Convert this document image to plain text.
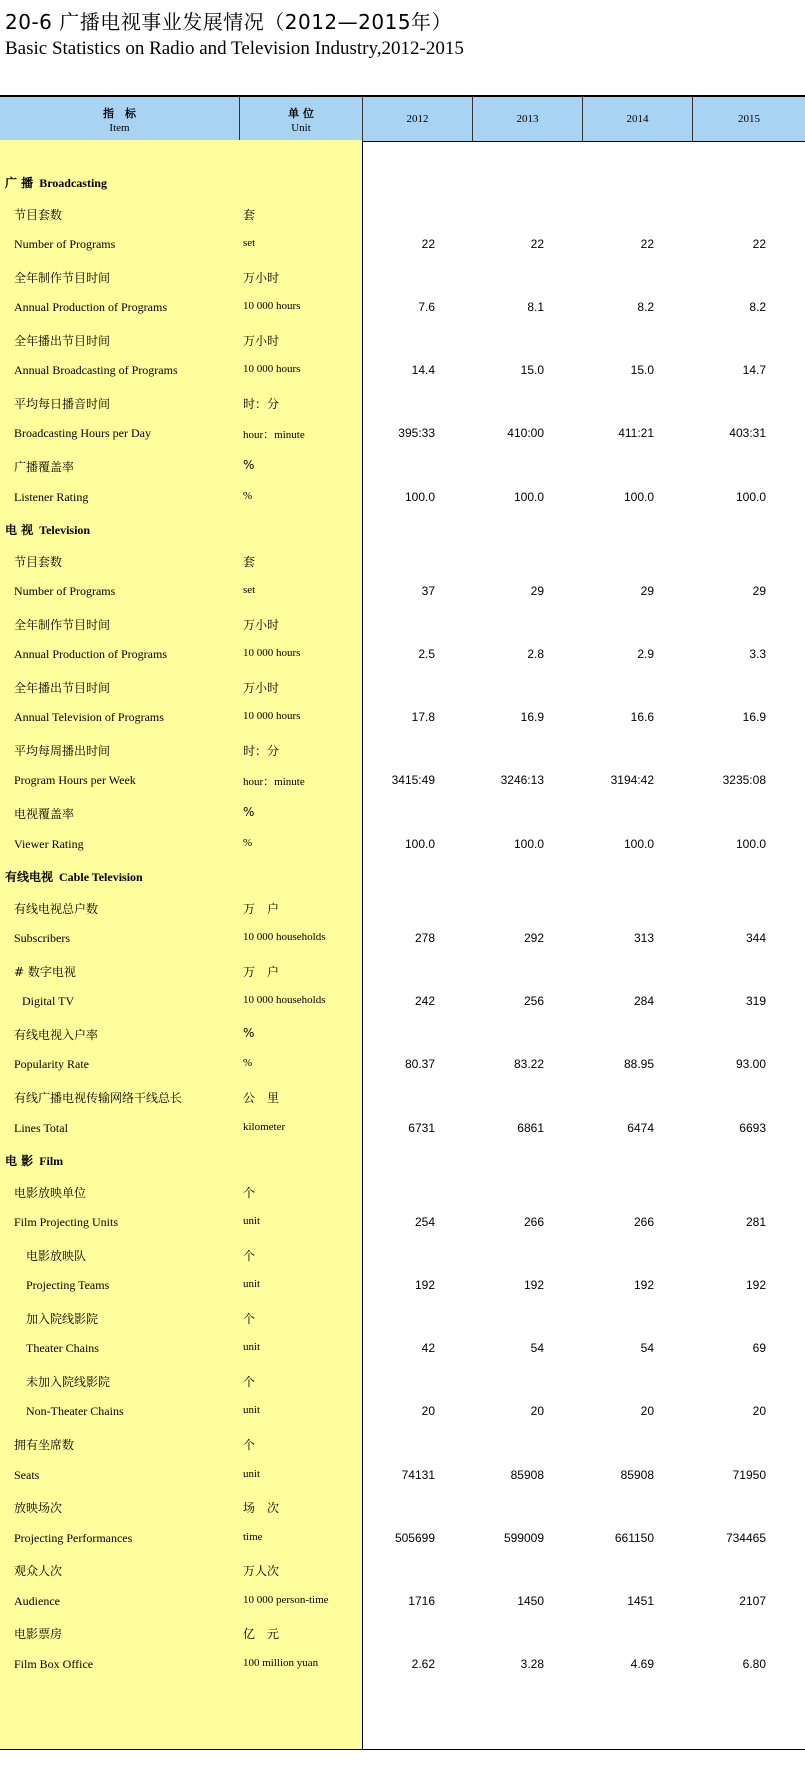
20-6 广播电视事业发展情况（2012—2015年）
Basic Statistics on Radio and Television Industry,2012-2015
指　标
Item
单 位
Unit
2012	2013	2014	2015
广 播 Broadcasting
节目套数	套
Number of Programs	set	22	22	22	22
全年制作节目时间	万小时
Annual Production of Programs	10 000 hours	7.6	8.1	8.2	8.2
全年播出节目时间	万小时
Annual Broadcasting of Programs	10 000 hours	14.4	15.0	15.0	14.7
平均每日播音时间	时：分
Broadcasting Hours per Day	hour：minute	395:33	410:00	411:21	403:31
广播覆盖率	%
Listener Rating	%	100.0	100.0	100.0	100.0
电 视 Television
节目套数	套
Number of Programs	set	37	29	29	29
全年制作节目时间	万小时
Annual Production of Programs	10 000 hours	2.5	2.8	2.9	3.3
全年播出节目时间	万小时
Annual Television of Programs	10 000 hours	17.8	16.9	16.6	16.9
平均每周播出时间	时：分
Program Hours per Week	hour：minute	3415:49	3246:13	3194:42	3235:08
电视覆盖率	%
Viewer Rating	%	100.0	100.0	100.0	100.0
有线电视 Cable Television
有线电视总户数	万　户
Subscribers	10 000 households	278	292	313	344
# 数字电视	万　户
Digital TV	10 000 households	242	256	284	319
有线电视入户率	%
Popularity Rate	%	80.37	83.22	88.95	93.00
有线广播电视传输网络干线总长	公　里
Lines Total	kilometer	6731	6861	6474	6693
电 影 Film
电影放映单位	个
Film Projecting Units	unit	254	266	266	281
电影放映队	个
Projecting Teams	unit	192	192	192	192
加入院线影院	个
Theater Chains	unit	42	54	54	69
未加入院线影院	个
Non-Theater Chains	unit	20	20	20	20
拥有坐席数	个
Seats	unit	74131	85908	85908	71950
放映场次	场　次
Projecting Performances	time	505699	599009	661150	734465
观众人次	万人次
Audience	10 000 person-time	1716	1450	1451	2107
电影票房	亿　元
Film Box Office	100 million yuan	2.62	3.28	4.69	6.80
